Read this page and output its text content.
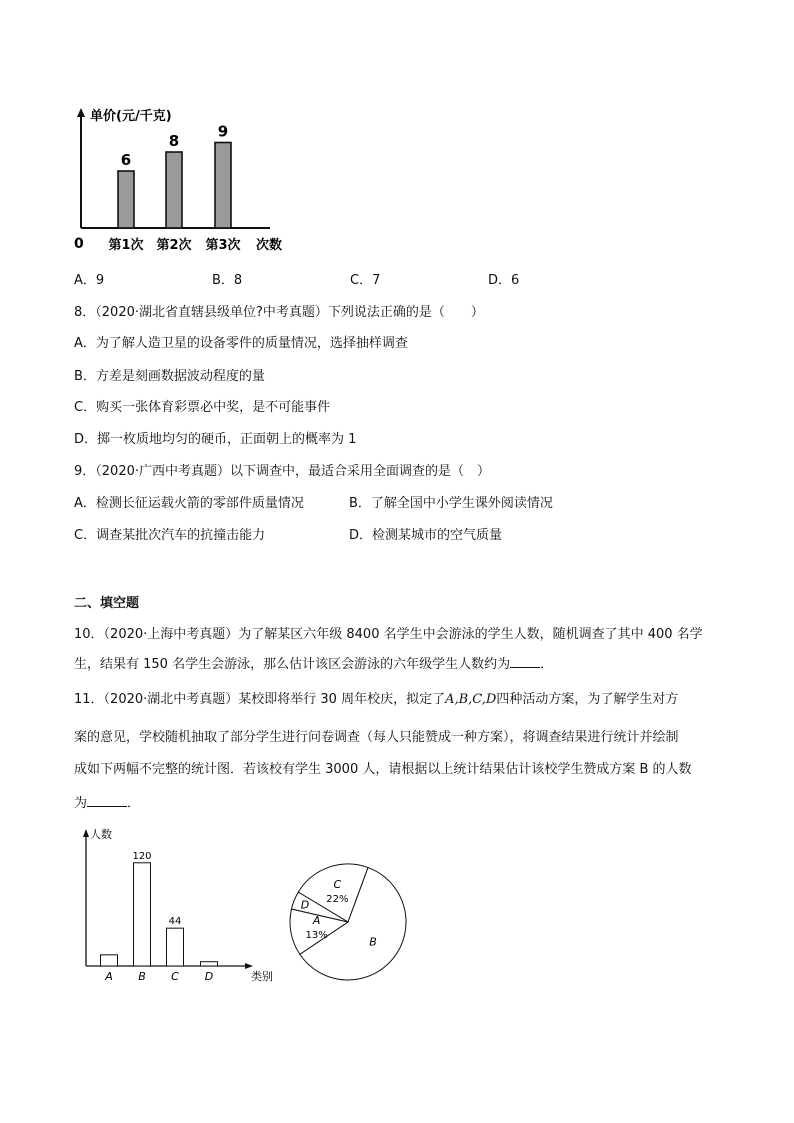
单价(元/千克)
0	次数
6
第1次
8
第2次
9
第3次
A．9	B．8	C．7	D．6
8．（2020·湖北省直辖县级单位?中考真题）下列说法正确的是（　　）
A．为了解人造卫星的设备零件的质量情况，选择抽样调查
B．方差是刻画数据波动程度的量
C．购买一张体育彩票必中奖，是不可能事件
D．掷一枚质地均匀的硬币，正面朝上的概率为 1
9．（2020·广西中考真题）以下调查中，最适合采用全面调查的是（　）
A．检测长征运载火箭的零部件质量情况	B．了解全国中小学生课外阅读情况
C．调查某批次汽车的抗撞击能力	D．检测某城市的空气质量
二、填空题
10．（2020·上海中考真题）为了解某区六年级 8400 名学生中会游泳的学生人数，随机调查了其中 400 名学
生，结果有 150 名学生会游泳，那么估计该区会游泳的六年级学生人数约为 ．
11．（2020·湖北中考真题）某校即将举行 30 周年校庆，拟定了A,B,C,D四种活动方案，为了解学生对方
案的意见，学校随机抽取了部分学生进行问卷调查（每人只能赞成一种方案），将调查结果进行统计并绘制
成如下两幅不完整的统计图．若该校有学生 3000 人，请根据以上统计结果估计该校学生赞成方案 B 的人数
为	．
人数
类别
A
120
B
44
C D
C
22%
B
A
13%
D
